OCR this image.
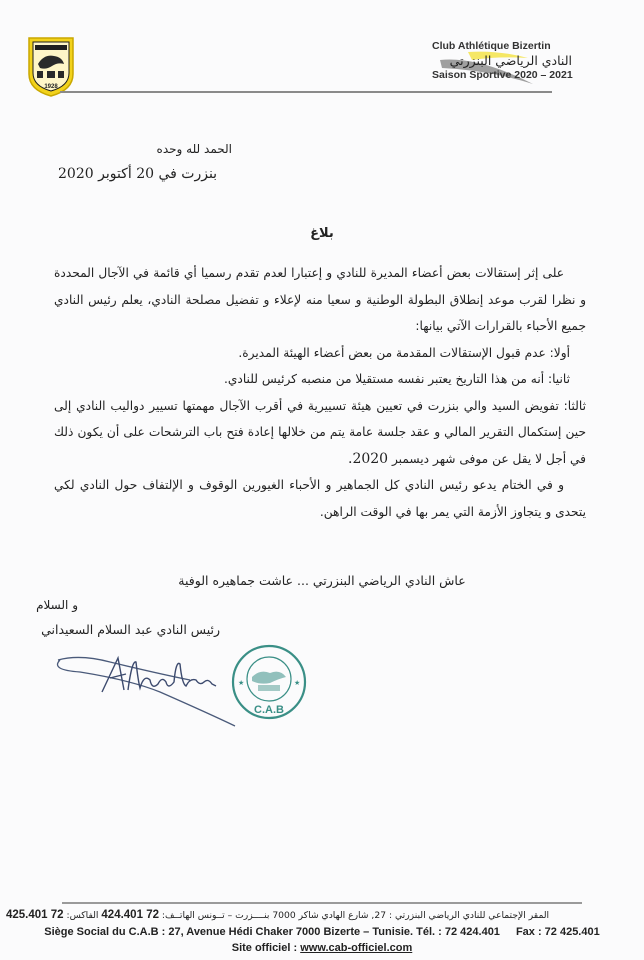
1928
Club Athlétique Bizertin
النادي الرياضي البنزرتي
Saison Sportive 2020 – 2021
الحمد لله وحده
بنزرت في 20 أكتوبر 2020
بلاغ

على إثر إستقالات بعض أعضاء المديرة للنادي و إعتبارا لعدم تقدم رسميا أي قائمة في الآجال المحددة و نظرا لقرب موعد إنطلاق البطولة الوطنية و سعيا منه لإعلاء و تفضيل مصلحة النادي، يعلم رئيس النادي جميع الأحباء بالقرارات الآتي بيانها:

أولا: عدم قبول الإستقالات المقدمة من بعض أعضاء الهيئة المديرة.

ثانيا: أنه من هذا التاريخ يعتبر نفسه مستقيلا من منصبه كرئيس للنادي.

ثالثا: تفويض السيد والي بنزرت في تعيين هيئة تسييرية في أقرب الآجال مهمتها تسيير دواليب النادي إلى حين إستكمال التقرير المالي و عقد جلسة عامة يتم من خلالها إعادة فتح باب الترشحات على أن يكون ذلك في أجل لا يقل عن موفى شهر ديسمبر 2020.

و في الختام يدعو رئيس النادي كل الجماهير و الأحباء الغيورين الوقوف و الإلتفاف حول النادي لكي يتحدى و يتجاوز الأزمة التي يمر بها في الوقت الراهن.

عاش النادي الرياضي البنزرتي ... عاشت جماهيره الوفية
و السلام
رئيس النادي عبد السلام السعيداني
★	★
C.A.B
المقر الإجتماعي للنادي الرياضي البنزرتي : 27, شارع الهادي شاكر 7000 بنــــزرت – تــونس الهاتــف: 72 424.401 الفاكس: 72 425.401
Siège Social du C.A.B : 27, Avenue Hédi Chaker 7000 Bizerte – Tunisie. Tél. : 72 424.401 Fax : 72 425.401
Site officiel : www.cab-officiel.com
